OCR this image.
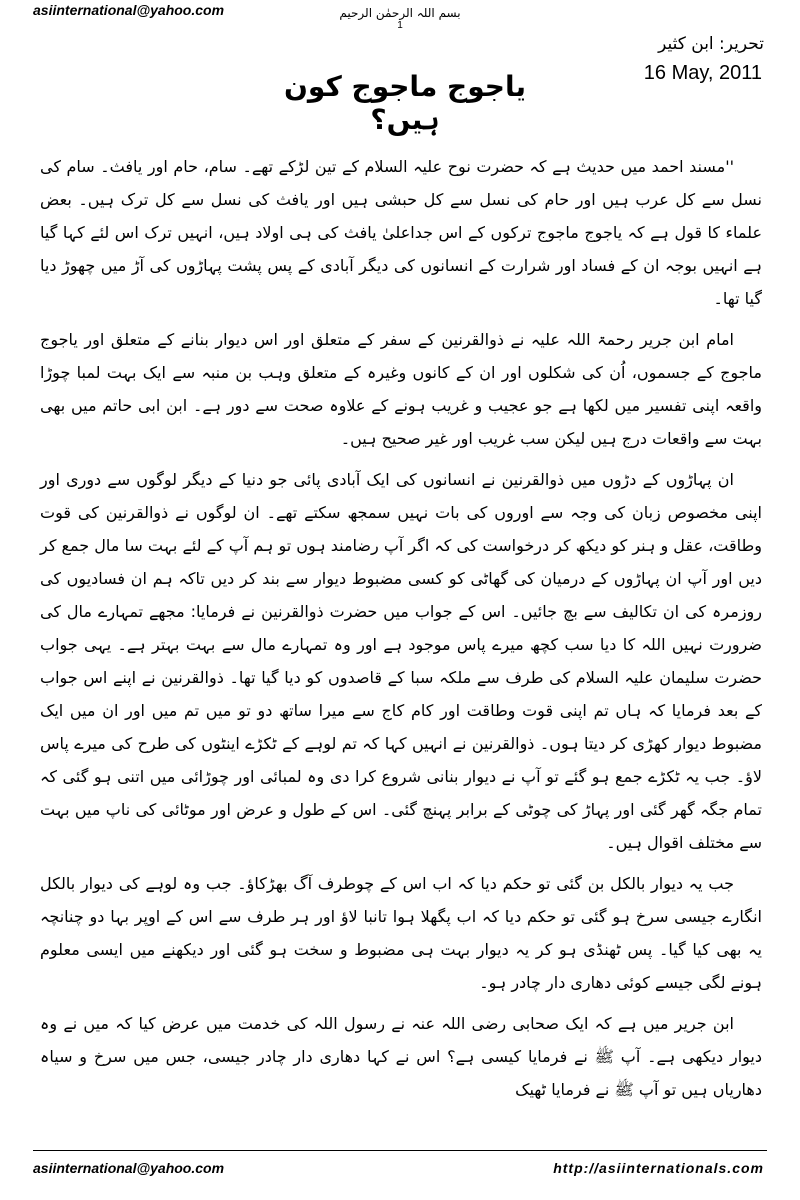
asiinternational@yahoo.com	بسم اللہ الرحمٰن الرحیم
1
تحریر: ابن کثیر
16 May, 2011
یاجوج ماجوج کون ہیں؟

''مسند احمد میں حدیث ہے کہ حضرت نوح علیہ السلام کے تین لڑکے تھے۔ سام، حام اور یافث۔ سام کی نسل سے کل عرب ہیں اور حام کی نسل سے کل حبشی ہیں اور یافث کی نسل سے کل ترک ہیں۔ بعض علماء کا قول ہے کہ یاجوج ماجوج ترکوں کے اس جداعلیٰ یافث کی ہی اولاد ہیں، انہیں ترک اس لئے کہا گیا ہے انہیں بوجہ ان کے فساد اور شرارت کے انسانوں کی دیگر آبادی کے پس پشت پہاڑوں کی آڑ میں چھوڑ دیا گیا تھا۔

امام ابن جریر رحمۃ اللہ علیہ نے ذوالقرنین کے سفر کے متعلق اور اس دیوار بنانے کے متعلق اور یاجوج ماجوج کے جسموں، اُن کی شکلوں اور ان کے کانوں وغیرہ کے متعلق وہب بن منبہ سے ایک بہت لمبا چوڑا واقعہ اپنی تفسیر میں لکھا ہے جو عجیب و غریب ہونے کے علاوہ صحت سے دور ہے۔ ابن ابی حاتم میں بھی بہت سے واقعات درج ہیں لیکن سب غریب اور غیر صحیح ہیں۔

ان پہاڑوں کے دڑوں میں ذوالقرنین نے انسانوں کی ایک آبادی پائی جو دنیا کے دیگر لوگوں سے دوری اور اپنی مخصوص زبان کی وجہ سے اوروں کی بات نہیں سمجھ سکتے تھے۔ ان لوگوں نے ذوالقرنین کی قوت وطاقت، عقل و ہنر کو دیکھ کر درخواست کی کہ اگر آپ رضامند ہوں تو ہم آپ کے لئے بہت سا مال جمع کر دیں اور آپ ان پہاڑوں کے درمیان کی گھاٹی کو کسی مضبوط دیوار سے بند کر دیں تاکہ ہم ان فسادیوں کی روزمرہ کی ان تکالیف سے بچ جائیں۔ اس کے جواب میں حضرت ذوالقرنین نے فرمایا: مجھے تمہارے مال کی ضرورت نہیں اللہ کا دیا سب کچھ میرے پاس موجود ہے اور وہ تمہارے مال سے بہت بہتر ہے۔ یہی جواب حضرت سلیمان علیہ السلام کی طرف سے ملکہ سبا کے قاصدوں کو دیا گیا تھا۔ ذوالقرنین نے اپنے اس جواب کے بعد فرمایا کہ ہاں تم اپنی قوت وطاقت اور کام کاج سے میرا ساتھ دو تو میں تم میں اور ان میں ایک مضبوط دیوار کھڑی کر دیتا ہوں۔ ذوالقرنین نے انہیں کہا کہ تم لوہے کے ٹکڑے اینٹوں کی طرح کی میرے پاس لاؤ۔ جب یہ ٹکڑے جمع ہو گئے تو آپ نے دیوار بنانی شروع کرا دی وہ لمبائی اور چوڑائی میں اتنی ہو گئی کہ تمام جگہ گھر گئی اور پہاڑ کی چوٹی کے برابر پہنچ گئی۔ اس کے طول و عرض اور موٹائی کی ناپ میں بہت سے مختلف اقوال ہیں۔

جب یہ دیوار بالکل بن گئی تو حکم دیا کہ اب اس کے چوطرف آگ بھڑکاؤ۔ جب وہ لوہے کی دیوار بالکل انگارے جیسی سرخ ہو گئی تو حکم دیا کہ اب پگھلا ہوا تانبا لاؤ اور ہر طرف سے اس کے اوپر بہا دو چنانچہ یہ بھی کیا گیا۔ پس ٹھنڈی ہو کر یہ دیوار بہت ہی مضبوط و سخت ہو گئی اور دیکھنے میں ایسی معلوم ہونے لگی جیسے کوئی دھاری دار چادر ہو۔

ابن جریر میں ہے کہ ایک صحابی رضی اللہ عنہ نے رسول اللہ کی خدمت میں عرض کیا کہ میں نے وہ دیوار دیکھی ہے۔ آپ ﷺ نے فرمایا کیسی ہے؟ اس نے کہا دھاری دار چادر جیسی، جس میں سرخ و سیاہ دھاریاں ہیں تو آپ ﷺ نے فرمایا ٹھیک

asiinternational@yahoo.com	http://asiinternationals.com
